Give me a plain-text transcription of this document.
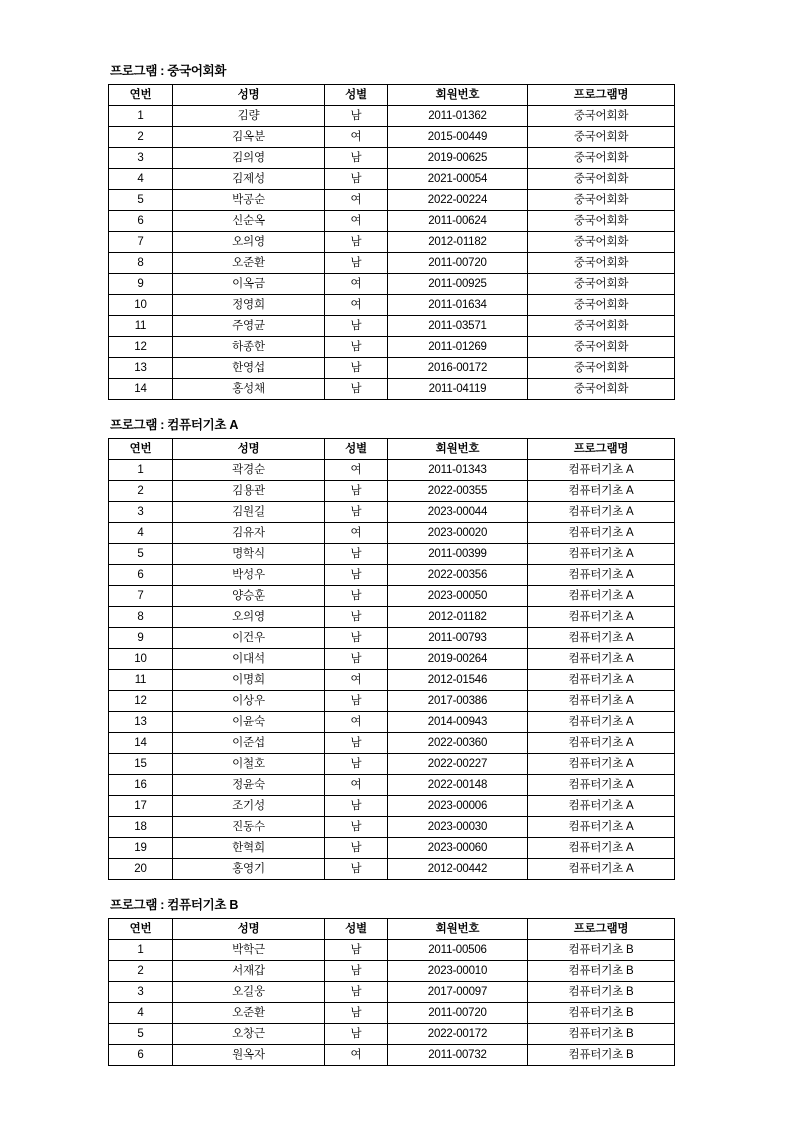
프로그램 : 중국어회화
연번	성명	성별	회원번호	프로그램명
1	김량	남	2011-01362	중국어회화
2	김옥분	여	2015-00449	중국어회화
3	김의영	남	2019-00625	중국어회화
4	김제성	남	2021-00054	중국어회화
5	박공순	여	2022-00224	중국어회화
6	신순옥	여	2011-00624	중국어회화
7	오의영	남	2012-01182	중국어회화
8	오준환	남	2011-00720	중국어회화
9	이옥금	여	2011-00925	중국어회화
10	정영희	여	2011-01634	중국어회화
11	주영균	남	2011-03571	중국어회화
12	하종한	남	2011-01269	중국어회화
13	한영섭	남	2016-00172	중국어회화
14	홍성채	남	2011-04119	중국어회화
프로그램 : 컴퓨터기초 A
연번	성명	성별	회원번호	프로그램명
1	곽경순	여	2011-01343	컴퓨터기초 A
2	김용관	남	2022-00355	컴퓨터기초 A
3	김원길	남	2023-00044	컴퓨터기초 A
4	김유자	여	2023-00020	컴퓨터기초 A
5	명학식	남	2011-00399	컴퓨터기초 A
6	박성우	남	2022-00356	컴퓨터기초 A
7	양승훈	남	2023-00050	컴퓨터기초 A
8	오의영	남	2012-01182	컴퓨터기초 A
9	이건우	남	2011-00793	컴퓨터기초 A
10	이대석	남	2019-00264	컴퓨터기초 A
11	이명희	여	2012-01546	컴퓨터기초 A
12	이상우	남	2017-00386	컴퓨터기초 A
13	이윤숙	여	2014-00943	컴퓨터기초 A
14	이준섭	남	2022-00360	컴퓨터기초 A
15	이철호	남	2022-00227	컴퓨터기초 A
16	정윤숙	여	2022-00148	컴퓨터기초 A
17	조기성	남	2023-00006	컴퓨터기초 A
18	진동수	남	2023-00030	컴퓨터기초 A
19	한혁희	남	2023-00060	컴퓨터기초 A
20	홍영기	남	2012-00442	컴퓨터기초 A
프로그램 : 컴퓨터기초 B
연번	성명	성별	회원번호	프로그램명
1	박학근	남	2011-00506	컴퓨터기초 B
2	서재갑	남	2023-00010	컴퓨터기초 B
3	오길웅	남	2017-00097	컴퓨터기초 B
4	오준환	남	2011-00720	컴퓨터기초 B
5	오창근	남	2022-00172	컴퓨터기초 B
6	원옥자	여	2011-00732	컴퓨터기초 B
